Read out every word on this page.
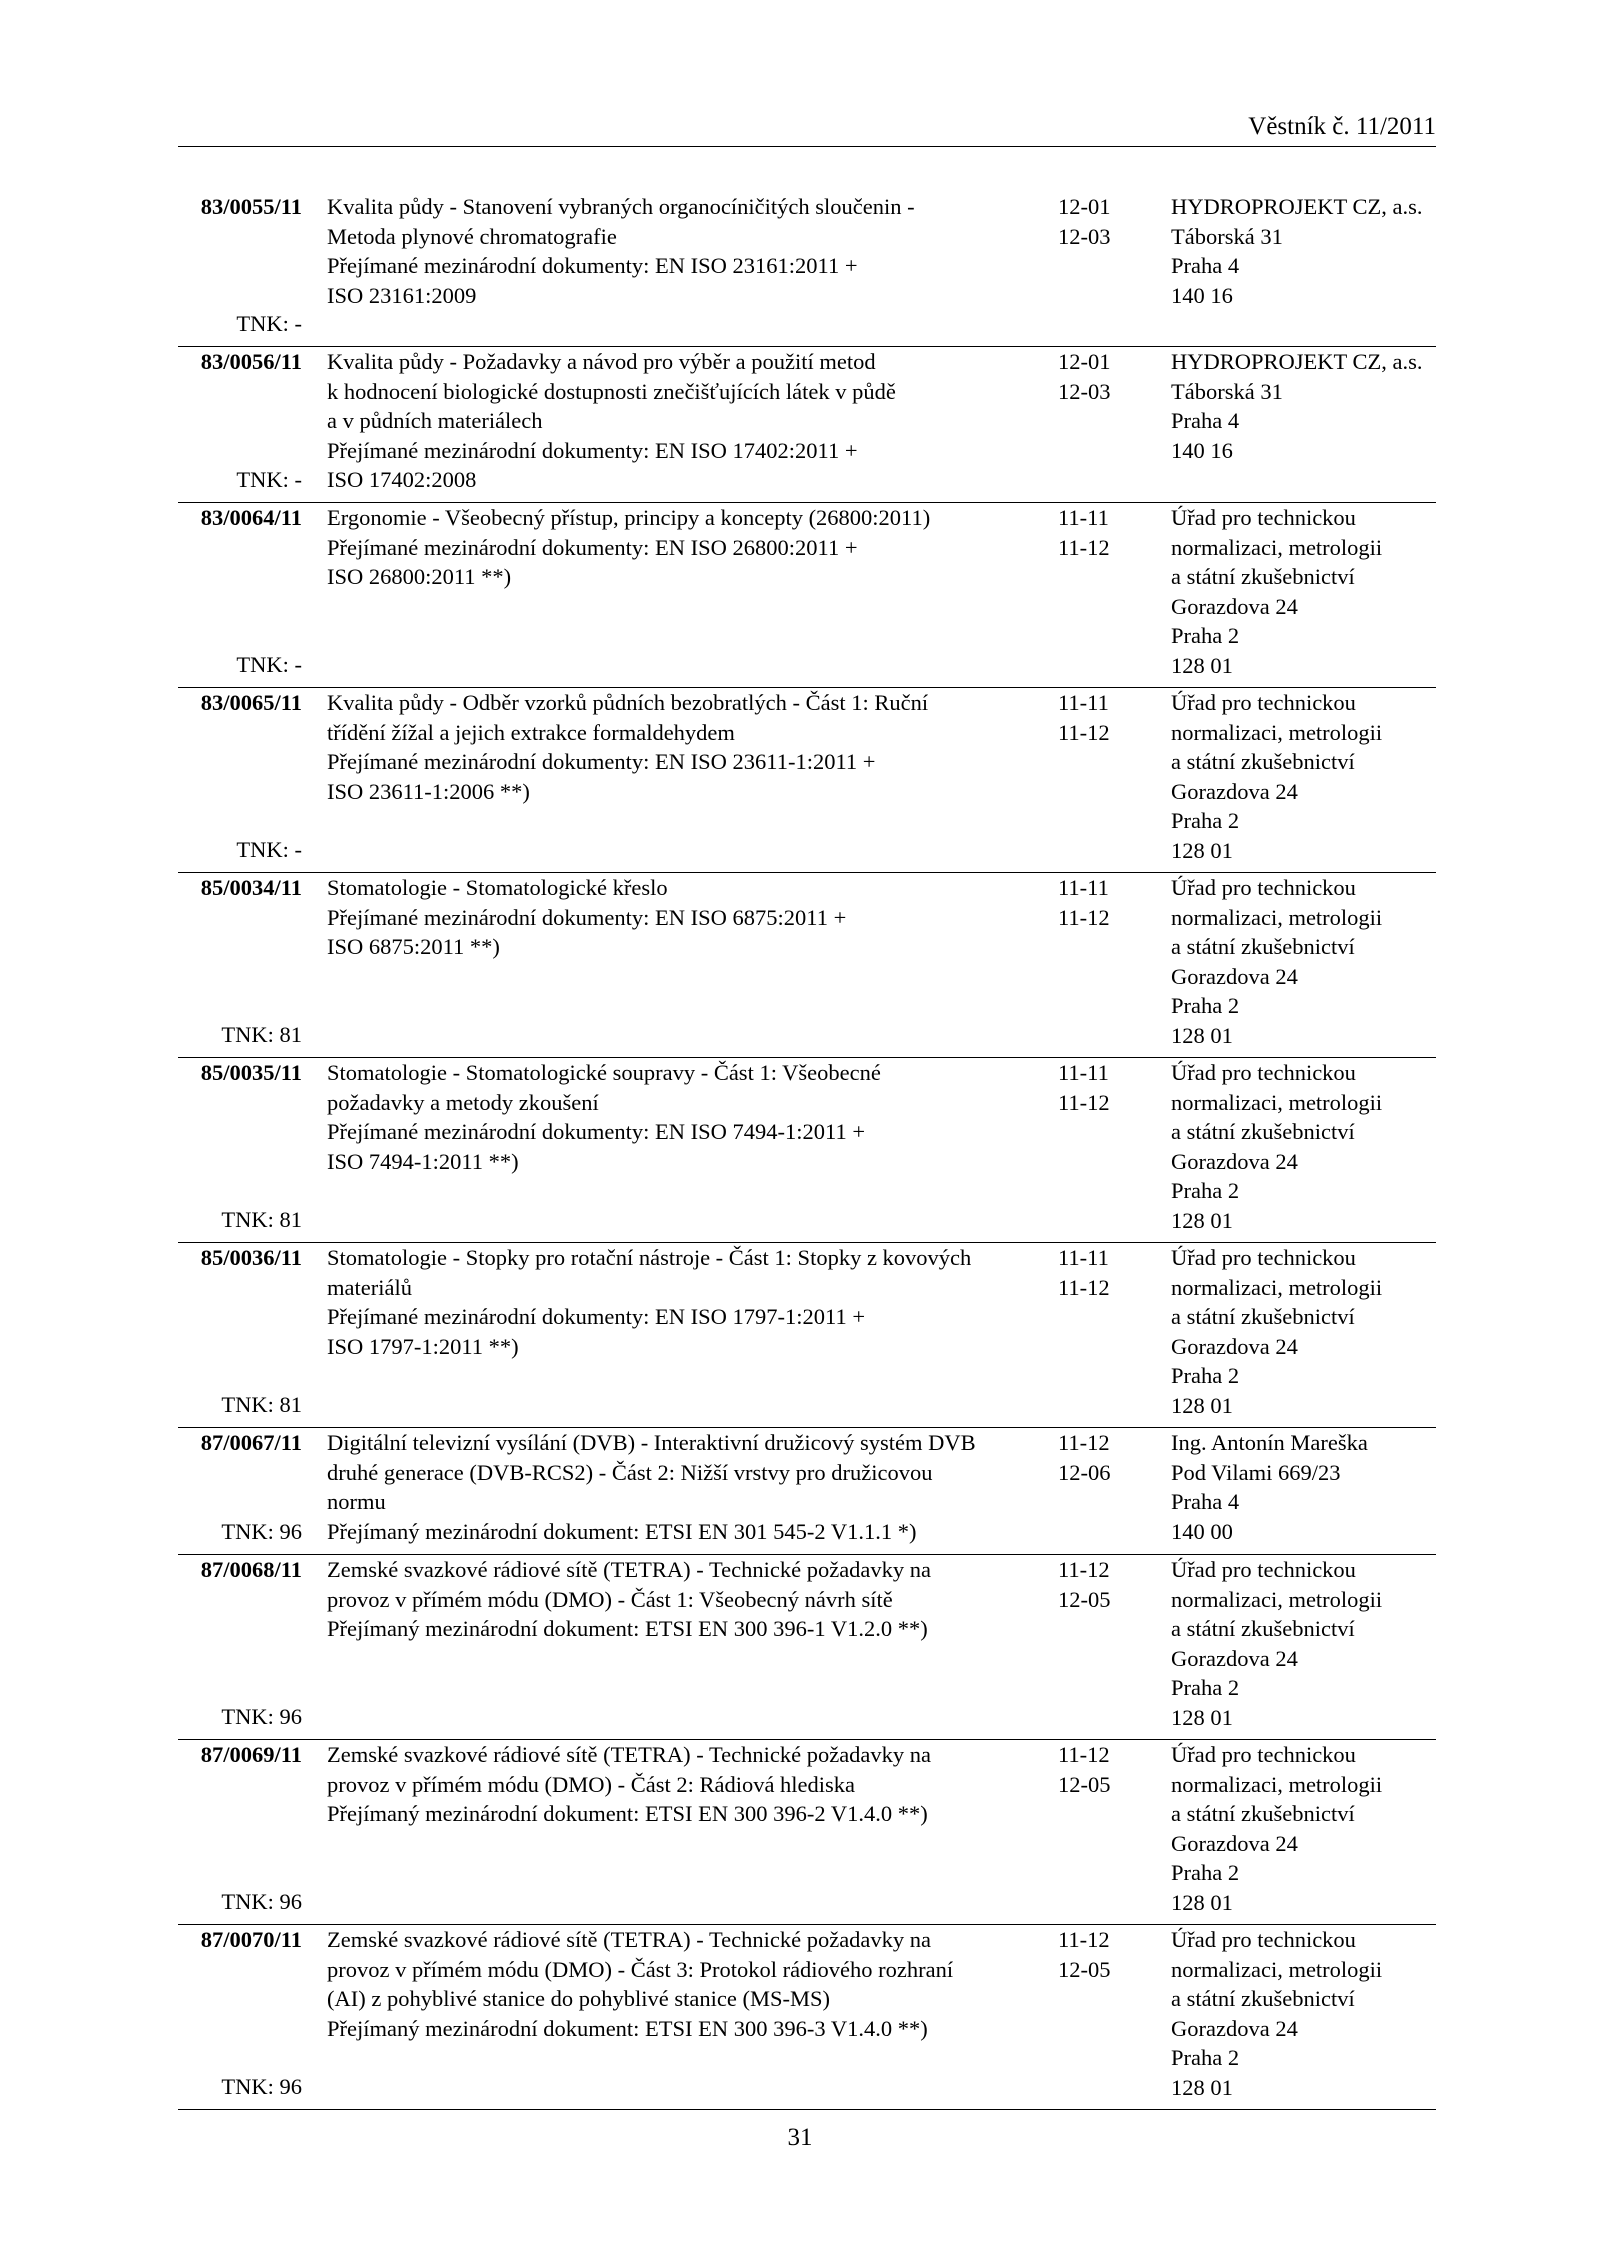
Věstník č. 11/2011
83/0055/11
TNK: -
Kvalita půdy - Stanovení vybraných organocíničitých sloučenin -
Metoda plynové chromatografie
Přejímané mezinárodní dokumenty: EN ISO 23161:2011 +
ISO 23161:2009
12-01
12-03
HYDROPROJEKT CZ, a.s.
Táborská 31
Praha 4
140 16
83/0056/11
TNK: -
Kvalita půdy - Požadavky a návod pro výběr a použití metod
k hodnocení biologické dostupnosti znečišťujících látek v půdě
a v půdních materiálech
Přejímané mezinárodní dokumenty: EN ISO 17402:2011 +
ISO 17402:2008
12-01
12-03
HYDROPROJEKT CZ, a.s.
Táborská 31
Praha 4
140 16
83/0064/11
TNK: -
Ergonomie - Všeobecný přístup, principy a koncepty (26800:2011)
Přejímané mezinárodní dokumenty: EN ISO 26800:2011 +
ISO 26800:2011 **)
11-11
11-12
Úřad pro technickou
normalizaci, metrologii
a státní zkušebnictví
Gorazdova 24
Praha 2
128 01
83/0065/11
TNK: -
Kvalita půdy - Odběr vzorků půdních bezobratlých - Část 1: Ruční
třídění žížal a jejich extrakce formaldehydem
Přejímané mezinárodní dokumenty: EN ISO 23611-1:2011 +
ISO 23611-1:2006 **)
11-11
11-12
Úřad pro technickou
normalizaci, metrologii
a státní zkušebnictví
Gorazdova 24
Praha 2
128 01
85/0034/11
TNK: 81
Stomatologie - Stomatologické křeslo
Přejímané mezinárodní dokumenty: EN ISO 6875:2011 +
ISO 6875:2011 **)
11-11
11-12
Úřad pro technickou
normalizaci, metrologii
a státní zkušebnictví
Gorazdova 24
Praha 2
128 01
85/0035/11
TNK: 81
Stomatologie - Stomatologické soupravy - Část 1: Všeobecné
požadavky a metody zkoušení
Přejímané mezinárodní dokumenty: EN ISO 7494-1:2011 +
ISO 7494-1:2011 **)
11-11
11-12
Úřad pro technickou
normalizaci, metrologii
a státní zkušebnictví
Gorazdova 24
Praha 2
128 01
85/0036/11
TNK: 81
Stomatologie - Stopky pro rotační nástroje - Část 1: Stopky z kovových
materiálů
Přejímané mezinárodní dokumenty: EN ISO 1797-1:2011 +
ISO 1797-1:2011 **)
11-11
11-12
Úřad pro technickou
normalizaci, metrologii
a státní zkušebnictví
Gorazdova 24
Praha 2
128 01
87/0067/11
TNK: 96
Digitální televizní vysílání (DVB) - Interaktivní družicový systém DVB
druhé generace (DVB-RCS2) - Část 2: Nižší vrstvy pro družicovou
normu
Přejímaný mezinárodní dokument: ETSI EN 301 545-2 V1.1.1 *)
11-12
12-06
Ing. Antonín Mareška
Pod Vilami 669/23
Praha 4
140 00
87/0068/11
TNK: 96
Zemské svazkové rádiové sítě (TETRA) - Technické požadavky na
provoz v přímém módu (DMO) - Část 1: Všeobecný návrh sítě
Přejímaný mezinárodní dokument: ETSI EN 300 396-1 V1.2.0 **)
11-12
12-05
Úřad pro technickou
normalizaci, metrologii
a státní zkušebnictví
Gorazdova 24
Praha 2
128 01
87/0069/11
TNK: 96
Zemské svazkové rádiové sítě (TETRA) - Technické požadavky na
provoz v přímém módu (DMO) - Část 2: Rádiová hlediska
Přejímaný mezinárodní dokument: ETSI EN 300 396-2 V1.4.0 **)
11-12
12-05
Úřad pro technickou
normalizaci, metrologii
a státní zkušebnictví
Gorazdova 24
Praha 2
128 01
87/0070/11
TNK: 96
Zemské svazkové rádiové sítě (TETRA) - Technické požadavky na
provoz v přímém módu (DMO) - Část 3: Protokol rádiového rozhraní
(AI) z pohyblivé stanice do pohyblivé stanice (MS-MS)
Přejímaný mezinárodní dokument: ETSI EN 300 396-3 V1.4.0 **)
11-12
12-05
Úřad pro technickou
normalizaci, metrologii
a státní zkušebnictví
Gorazdova 24
Praha 2
128 01
31
